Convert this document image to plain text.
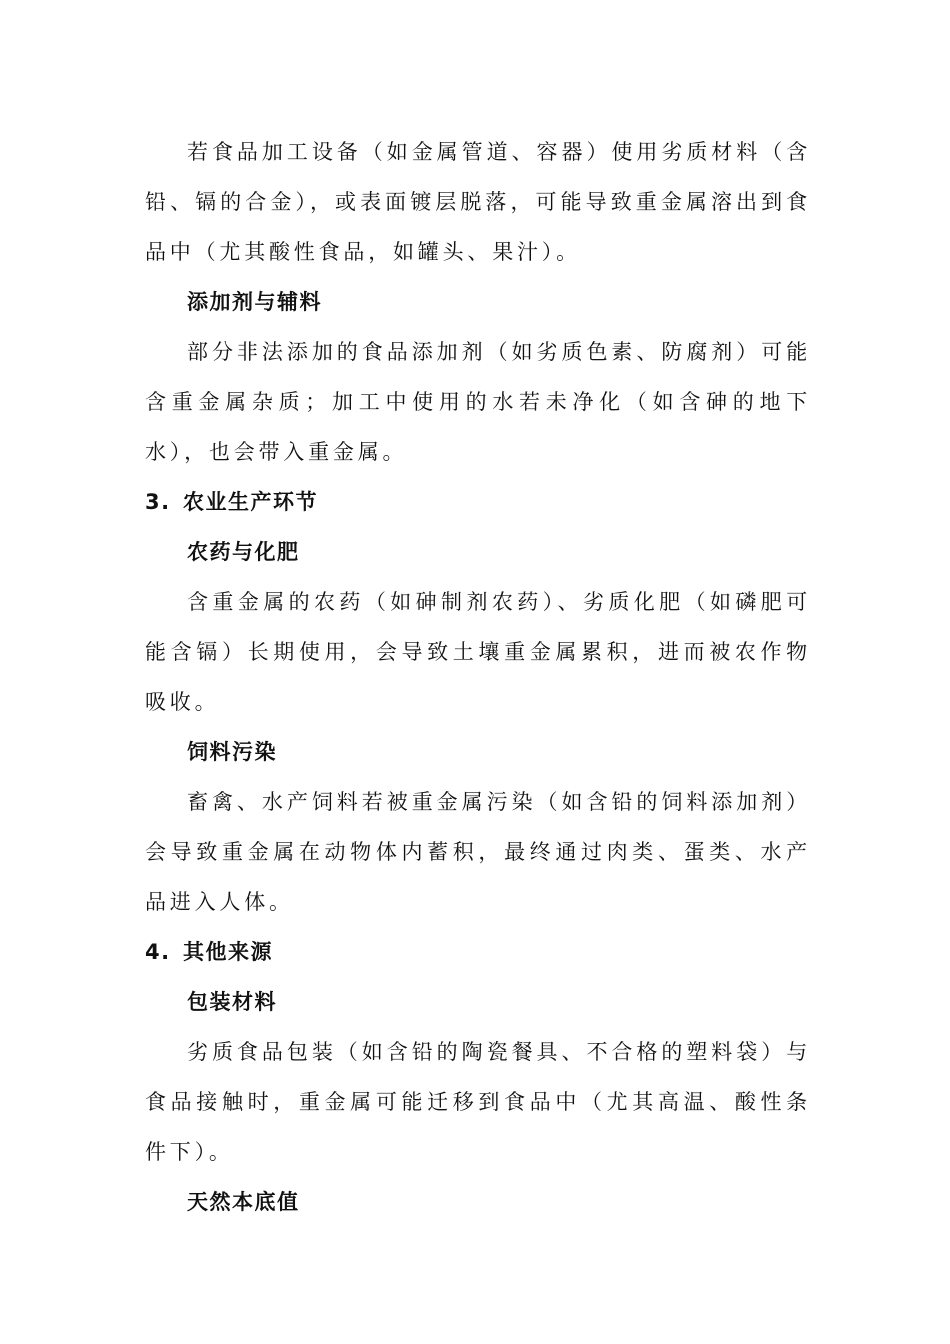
若食品加工设备（如金属管道、容器）使用劣质材料（含铅、镉的合金），或表面镀层脱落，可能导致重金属溶出到食品中（尤其酸性食品，如罐头、果汁）。

添加剂与辅料

部分非法添加的食品添加剂（如劣质色素、防腐剂）可能含重金属杂质；加工中使用的水若未净化（如含砷的地下水），也会带入重金属。

3. 农业生产环节

农药与化肥

含重金属的农药（如砷制剂农药）、劣质化肥（如磷肥可能含镉）长期使用，会导致土壤重金属累积，进而被农作物吸收。

饲料污染

畜禽、水产饲料若被重金属污染（如含铅的饲料添加剂）会导致重金属在动物体内蓄积，最终通过肉类、蛋类、水产品进入人体。

4. 其他来源

包装材料

劣质食品包装（如含铅的陶瓷餐具、不合格的塑料袋）与食品接触时，重金属可能迁移到食品中（尤其高温、酸性条件下）。

天然本底值
